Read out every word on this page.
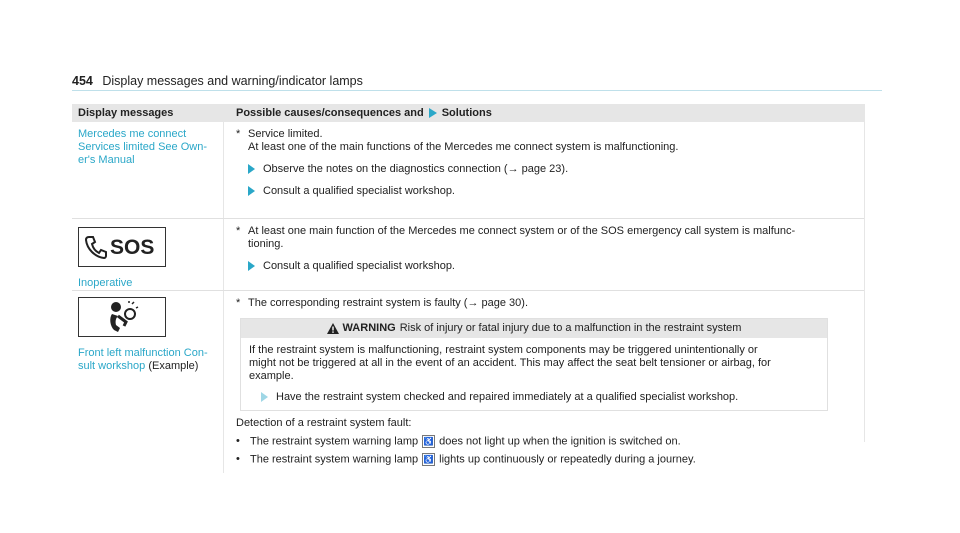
454 Display messages and warning/indicator lamps
Display messages	Possible causes/consequences and Solutions
Mercedes me connect
Services limited See Own-
er's Manual
* Service limited.
At least one of the main functions of the Mercedes me connect system is malfunctioning.
Observe the notes on the diagnostics connection (→ page 23).
Consult a qualified specialist workshop.
SOS
Inoperative
* At least one main function of the Mercedes me connect system or of the SOS emergency call system is malfunc-
tioning.
Consult a qualified specialist workshop.
Front left malfunction Con-
sult workshop (Example)
* The corresponding restraint system is faulty (→ page 30).
WARNING Risk of injury or fatal injury due to a malfunction in the restraint system
If the restraint system is malfunctioning, restraint system components may be triggered unintentionally or
might not be triggered at all in the event of an accident. This may affect the seat belt tensioner or airbag, for
example.
Have the restraint system checked and repaired immediately at a qualified specialist workshop.
Detection of a restraint system fault:
• The restraint system warning lamp ♿ does not light up when the ignition is switched on.
• The restraint system warning lamp ♿ lights up continuously or repeatedly during a journey.
